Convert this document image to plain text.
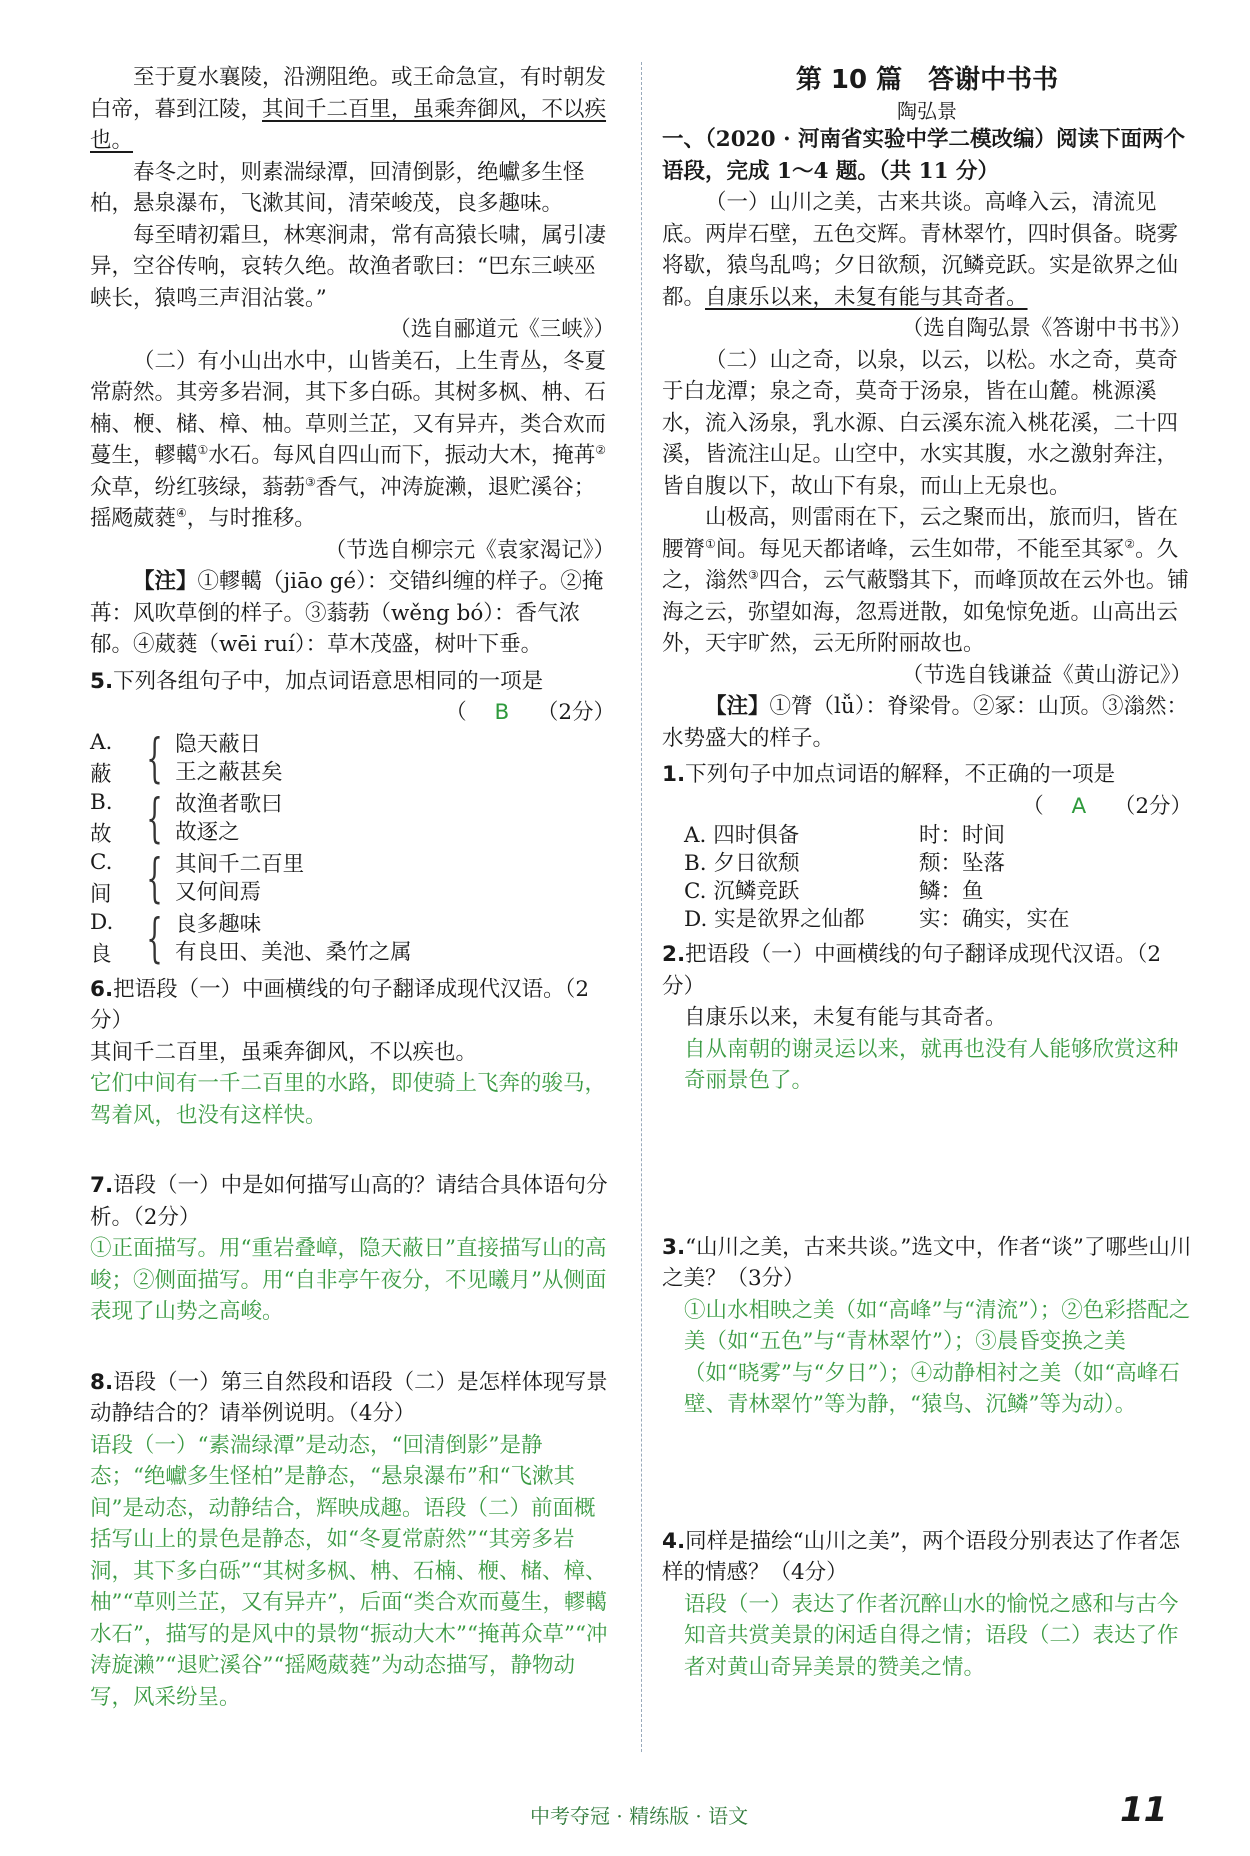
至于夏水襄陵，沿溯阻绝。或王命急宣，有时朝发白帝，暮到江陵，其间千二百里，虽乘奔御风，不以疾也。

春冬之时，则素湍绿潭，回清倒影，绝巘多生怪柏，悬泉瀑布，飞漱其间，清荣峻茂，良多趣味。

每至晴初霜旦，林寒涧肃，常有高猿长啸，属引凄异，空谷传响，哀转久绝。故渔者歌曰：“巴东三峡巫峡长，猿鸣三声泪沾裳。”

（选自郦道元《三峡》）

（二）有小山出水中，山皆美石，上生青丛，冬夏常蔚然。其旁多岩洞，其下多白砾。其树多枫、柟、石楠、楩、槠、樟、柚。草则兰芷，又有异卉，类合欢而蔓生，轇轕①水石。每风自四山而下，振动大木，掩苒②众草，纷红骇绿，蓊葧③香气，冲涛旋濑，退贮溪谷；摇飏葳蕤④，与时推移。

（节选自柳宗元《袁家渴记》）

【注】①轇轕（jiāo gé）：交错纠缠的样子。②掩苒：风吹草倒的样子。③蓊葧（wěng bó）：香气浓郁。④葳蕤（wēi ruí）：草木茂盛，树叶下垂。

5.下列各组句子中，加点词语意思相同的一项是

（ B （2分）

A. 蔽 { 隐天蔽日
王之蔽甚矣
B. 故 { 故渔者歌曰
故逐之
C. 间 { 其间千二百里
又何间焉
D. 良 { 良多趣味
有良田、美池、桑竹之属

6.把语段（一）中画横线的句子翻译成现代汉语。（2分）

其间千二百里，虽乘奔御风，不以疾也。

它们中间有一千二百里的水路，即使骑上飞奔的骏马，驾着风，也没有这样快。

7.语段（一）中是如何描写山高的？请结合具体语句分析。（2分）

①正面描写。用“重岩叠嶂，隐天蔽日”直接描写山的高峻；②侧面描写。用“自非亭午夜分，不见曦月”从侧面表现了山势之高峻。

8.语段（一）第三自然段和语段（二）是怎样体现写景动静结合的？请举例说明。（4分）

语段（一）“素湍绿潭”是动态，“回清倒影”是静态；“绝巘多生怪柏”是静态，“悬泉瀑布”和“飞漱其间”是动态，动静结合，辉映成趣。语段（二）前面概括写山上的景色是静态，如“冬夏常蔚然”“其旁多岩洞，其下多白砾”“其树多枫、柟、石楠、楩、槠、樟、柚”“草则兰芷，又有异卉”，后面“类合欢而蔓生，轇轕水石”，描写的是风中的景物“振动大木”“掩苒众草”“冲涛旋濑”“退贮溪谷”“摇飏葳蕤”为动态描写，静物动写，风采纷呈。

第 10 篇　答谢中书书

陶弘景

一、（2020 · 河南省实验中学二模改编）阅读下面两个语段，完成 1～4 题。（共 11 分）

（一）山川之美，古来共谈。高峰入云，清流见底。两岸石壁，五色交辉。青林翠竹，四时俱备。晓雾将歇，猿鸟乱鸣；夕日欲颓，沉鳞竞跃。实是欲界之仙都。自康乐以来，未复有能与其奇者。

（选自陶弘景《答谢中书书》）

（二）山之奇，以泉，以云，以松。水之奇，莫奇于白龙潭；泉之奇，莫奇于汤泉，皆在山麓。桃源溪水，流入汤泉，乳水源、白云溪东流入桃花溪，二十四溪，皆流注山足。山空中，水实其腹，水之激射奔注，皆自腹以下，故山下有泉，而山上无泉也。

山极高，则雷雨在下，云之聚而出，旅而归，皆在腰膂①间。每见天都诸峰，云生如带，不能至其冢②。久之，滃然③四合，云气蔽翳其下，而峰顶故在云外也。铺海之云，弥望如海，忽焉迸散，如兔惊免逝。山高出云外，天宇旷然，云无所附丽故也。

（节选自钱谦益《黄山游记》）

【注】①膂（lǚ）：脊梁骨。②冢：山顶。③滃然：水势盛大的样子。

1.下列句子中加点词语的解释，不正确的一项是

（ A （2分）

A. 四时俱备	时：时间
B. 夕日欲颓	颓：坠落
C. 沉鳞竞跃	鳞：鱼
D. 实是欲界之仙都	实：确实，实在

2.把语段（一）中画横线的句子翻译成现代汉语。（2分）

自康乐以来，未复有能与其奇者。

自从南朝的谢灵运以来，就再也没有人能够欣赏这种奇丽景色了。

3.“山川之美，古来共谈。”选文中，作者“谈”了哪些山川之美？（3分）

①山水相映之美（如“高峰”与“清流”）；②色彩搭配之美（如“五色”与“青林翠竹”）；③晨昏变换之美（如“晓雾”与“夕日”）；④动静相衬之美（如“高峰石壁、青林翠竹”等为静，“猿鸟、沉鳞”等为动）。

4.同样是描绘“山川之美”，两个语段分别表达了作者怎样的情感？（4分）

语段（一）表达了作者沉醉山水的愉悦之感和与古今知音共赏美景的闲适自得之情；语段（二）表达了作者对黄山奇异美景的赞美之情。

中考夺冠 · 精练版 · 语文	11
